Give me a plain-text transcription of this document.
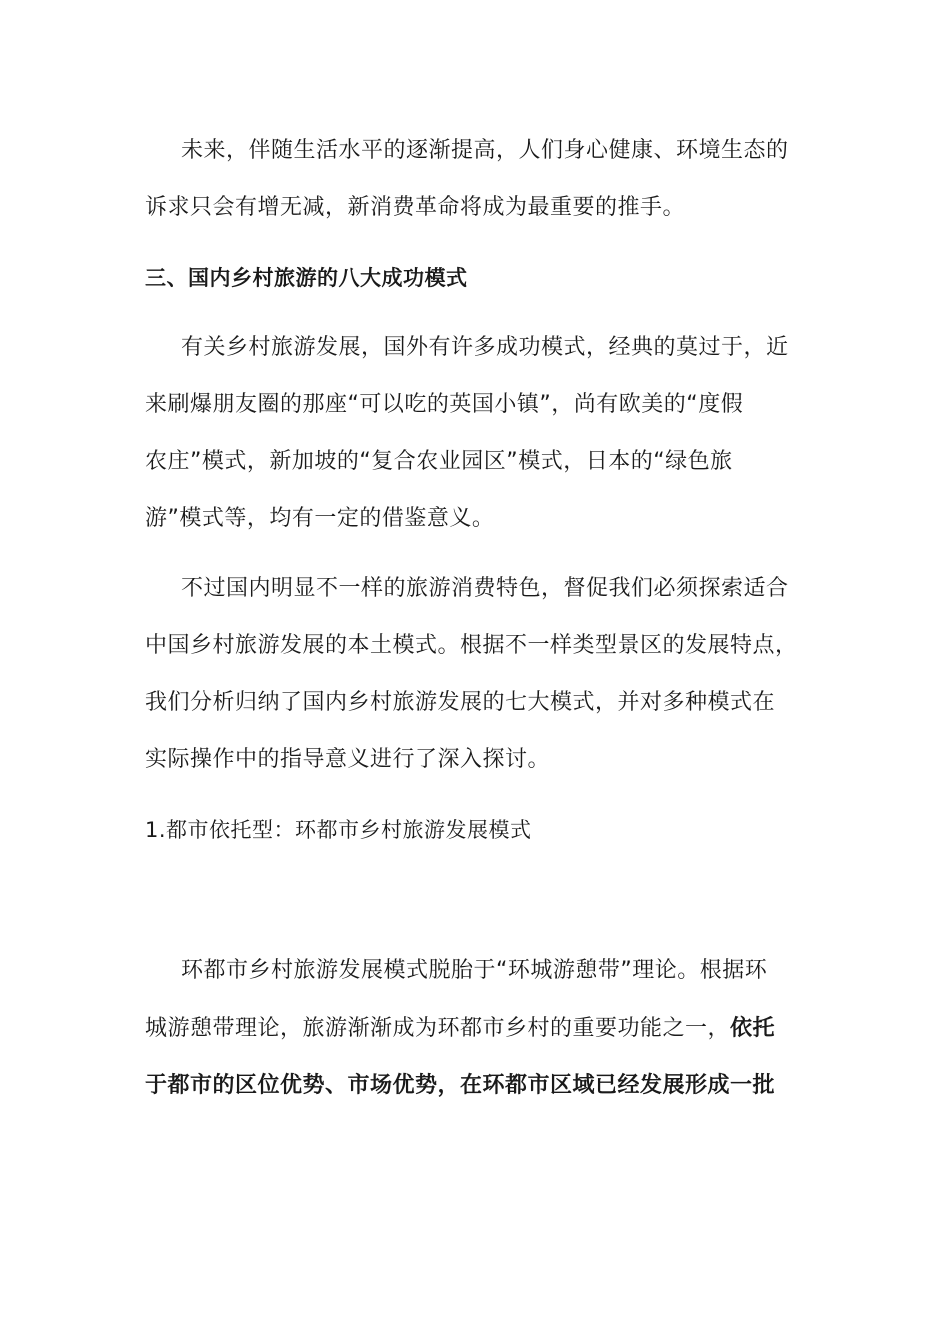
未来，伴随生活水平的逐渐提高，人们身心健康、环境生态的
诉求只会有增无减，新消费革命将成为最重要的推手。
三、国内乡村旅游的八大成功模式
有关乡村旅游发展，国外有许多成功模式，经典的莫过于，近
来刷爆朋友圈的那座“可以吃的英国小镇”，尚有欧美的“度假
农庄”模式，新加坡的“复合农业园区”模式，日本的“绿色旅
游”模式等，均有一定的借鉴意义。
不过国内明显不一样的旅游消费特色，督促我们必须探索适合
中国乡村旅游发展的本土模式。根据不一样类型景区的发展特点，
我们分析归纳了国内乡村旅游发展的七大模式，并对多种模式在
实际操作中的指导意义进行了深入探讨。
1.都市依托型：环都市乡村旅游发展模式
环都市乡村旅游发展模式脱胎于“环城游憩带”理论。根据环
城游憩带理论，旅游渐渐成为环都市乡村的重要功能之一，依托
于都市的区位优势、市场优势，在环都市区域已经发展形成一批
